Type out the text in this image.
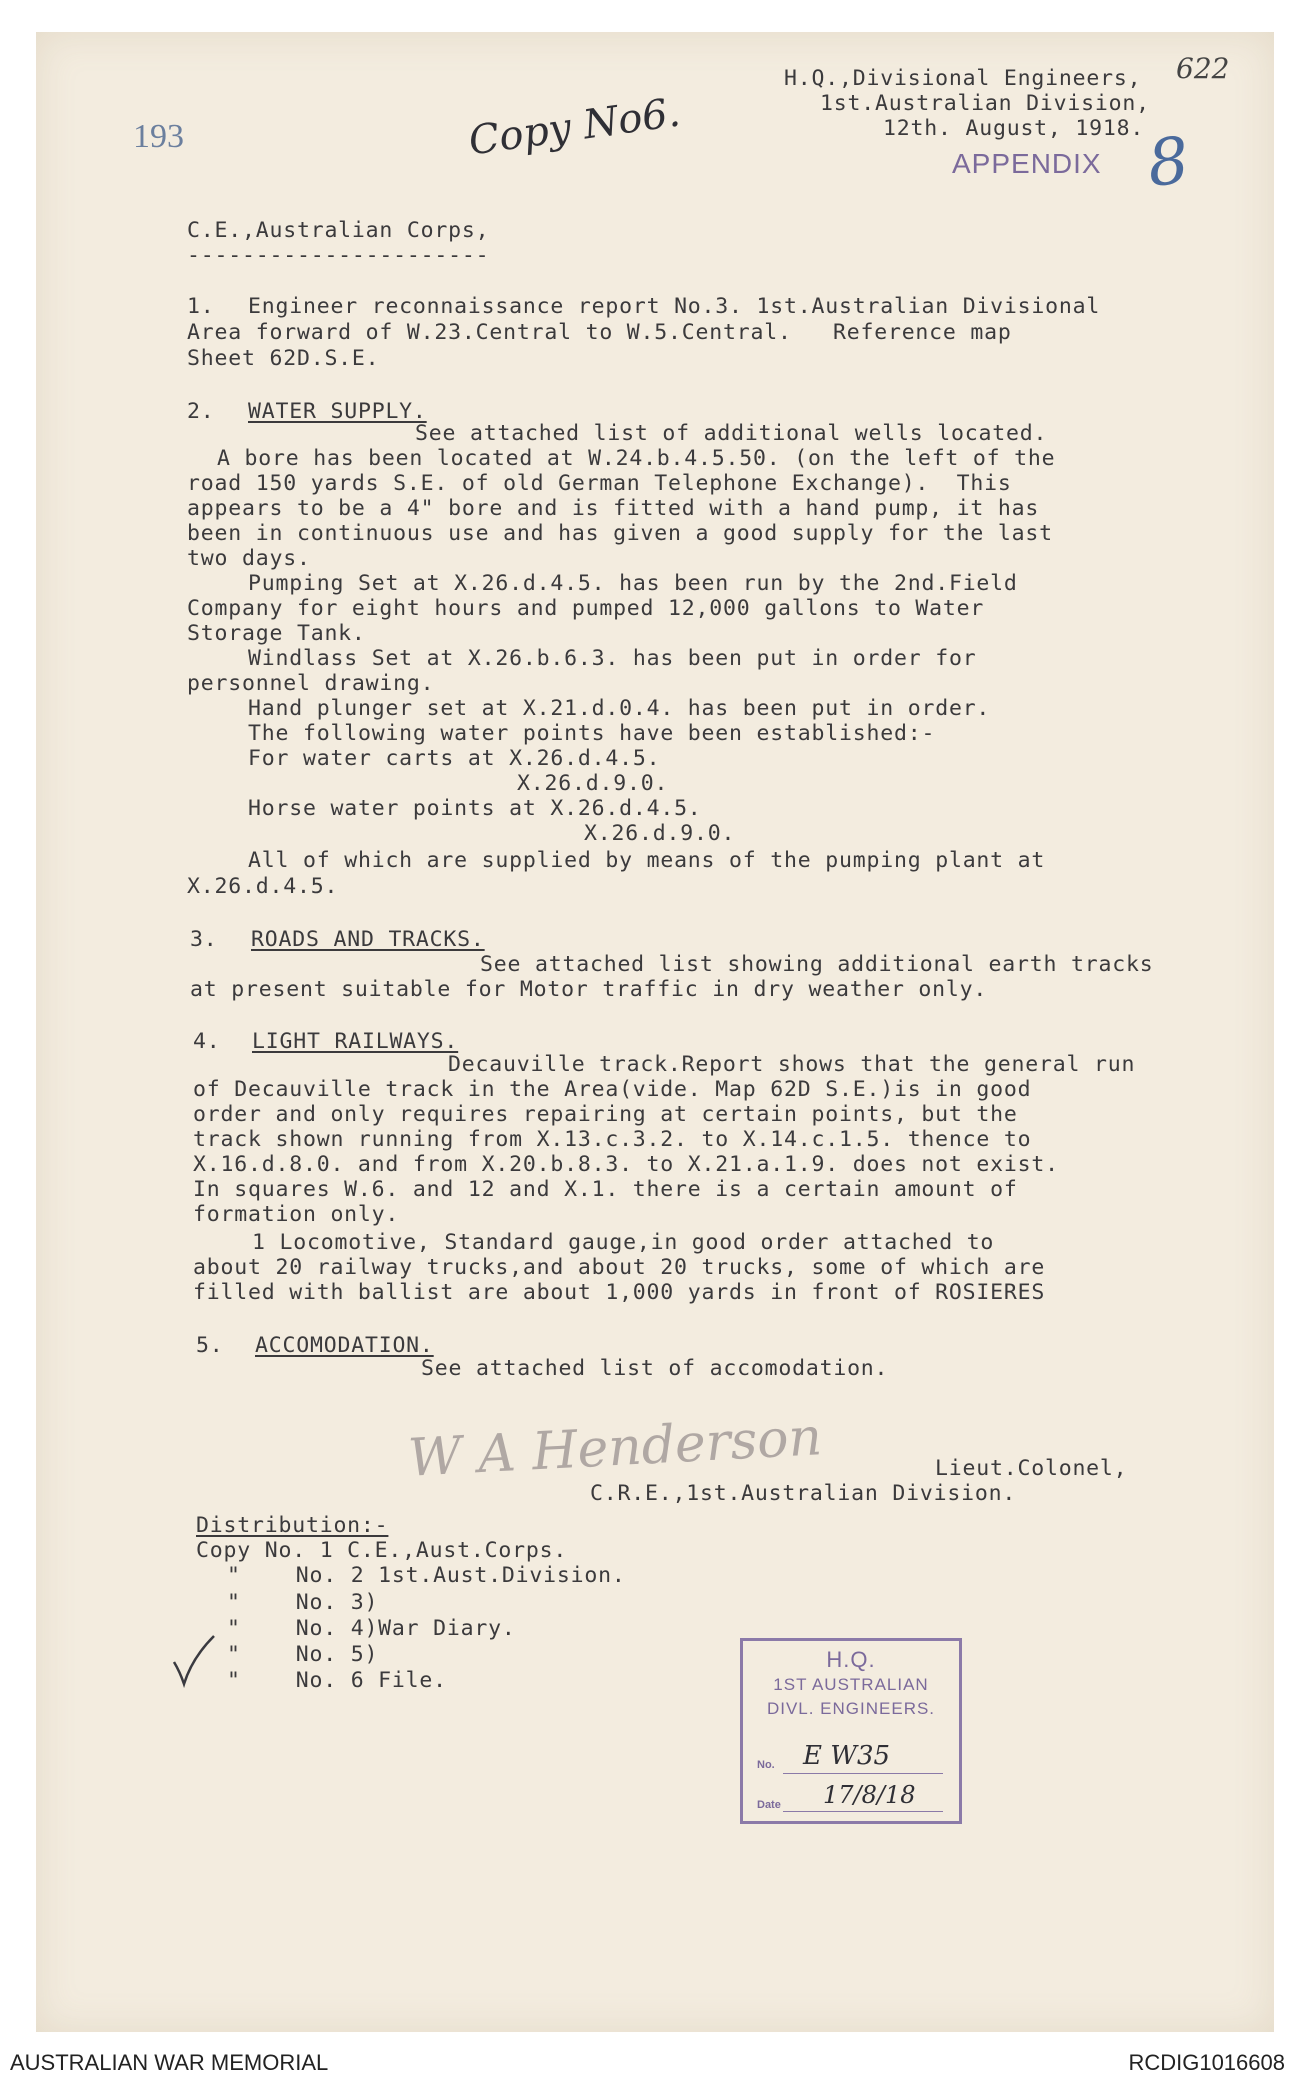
193	Copy No6.
622
APPENDIX 8
H.Q.,Divisional Engineers,
1st.Australian Division,
12th. August, 1918.
C.E.,Australian Corps,
----------------------
1. Engineer reconnaissance report No.3. 1st.Australian Divisional
Area forward of W.23.Central to W.5.Central.   Reference map
Sheet 62D.S.E.
2. WATER SUPPLY.
See attached list of additional wells located.
A bore has been located at W.24.b.4.5.50. (on the left of the
road 150 yards S.E. of old German Telephone Exchange).  This
appears to be a 4" bore and is fitted with a hand pump, it has
been in continuous use and has given a good supply for the last
two days.
Pumping Set at X.26.d.4.5. has been run by the 2nd.Field
Company for eight hours and pumped 12,000 gallons to Water
Storage Tank.
Windlass Set at X.26.b.6.3. has been put in order for
personnel drawing.
Hand plunger set at X.21.d.0.4. has been put in order.
The following water points have been established:-
For water carts at X.26.d.4.5.
X.26.d.9.0.
Horse water points at X.26.d.4.5.
X.26.d.9.0.
All of which are supplied by means of the pumping plant at
X.26.d.4.5.
3. ROADS AND TRACKS.
See attached list showing additional earth tracks
at present suitable for Motor traffic in dry weather only.
4. LIGHT RAILWAYS.
Decauville track.Report shows that the general run
of Decauville track in the Area(vide. Map 62D S.E.)is in good
order and only requires repairing at certain points, but the
track shown running from X.13.c.3.2. to X.14.c.1.5. thence to
X.16.d.8.0. and from X.20.b.8.3. to X.21.a.1.9. does not exist.
In squares W.6. and 12 and X.1. there is a certain amount of
formation only.
1 Locomotive, Standard gauge,in good order attached to
about 20 railway trucks,and about 20 trucks, some of which are
filled with ballist are about 1,000 yards in front of ROSIERES
5. ACCOMODATION.
See attached list of accomodation.
W A Henderson	Lieut.Colonel,
C.R.E.,1st.Australian Division.
Distribution:-
Copy No. 1 C.E.,Aust.Corps.
"    No. 2 1st.Aust.Division.
"    No. 3)
"    No. 4)War Diary.
"    No. 5)
"    No. 6 File.
H.Q.
1ST AUSTRALIAN
DIVL. ENGINEERS.
No. E W35
Date 17/8/18
AUSTRALIAN WAR MEMORIAL	RCDIG1016608
